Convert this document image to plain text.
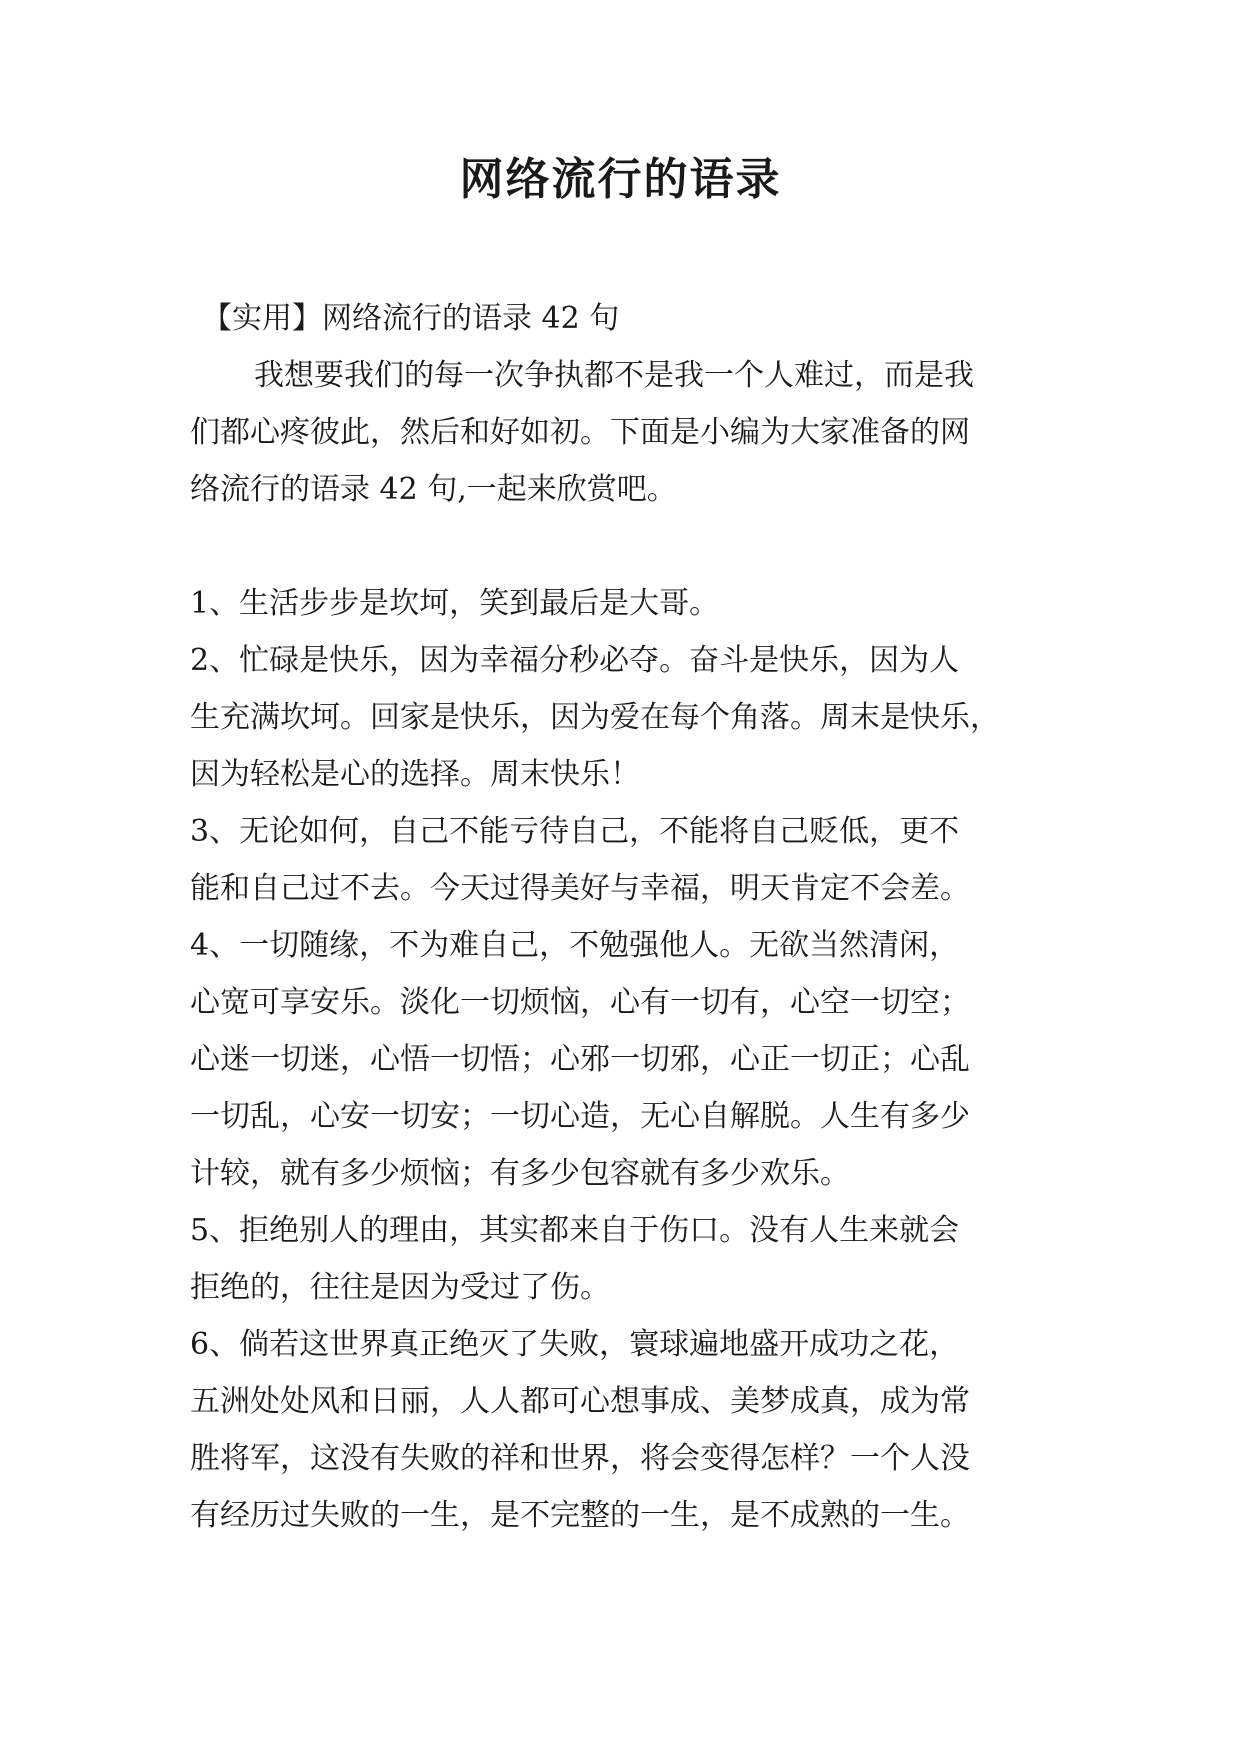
网络流行的语录
【实用】网络流行的语录 42 句
我想要我们的每一次争执都不是我一个人难过，而是我
们都心疼彼此，然后和好如初。下面是小编为大家准备的网
络流行的语录 42 句,一起来欣赏吧。
1、生活步步是坎坷，笑到最后是大哥。
2、忙碌是快乐，因为幸福分秒必夺。奋斗是快乐，因为人
生充满坎坷。回家是快乐，因为爱在每个角落。周末是快乐，
因为轻松是心的选择。周末快乐！
3、无论如何，自己不能亏待自己，不能将自己贬低，更不
能和自己过不去。今天过得美好与幸福，明天肯定不会差。
4、一切随缘，不为难自己，不勉强他人。无欲当然清闲，
心宽可享安乐。淡化一切烦恼，心有一切有，心空一切空；
心迷一切迷，心悟一切悟；心邪一切邪，心正一切正；心乱
一切乱，心安一切安；一切心造，无心自解脱。人生有多少
计较，就有多少烦恼；有多少包容就有多少欢乐。
5、拒绝别人的理由，其实都来自于伤口。没有人生来就会
拒绝的，往往是因为受过了伤。
6、倘若这世界真正绝灭了失败，寰球遍地盛开成功之花，
五洲处处风和日丽，人人都可心想事成、美梦成真，成为常
胜将军，这没有失败的祥和世界，将会变得怎样？一个人没
有经历过失败的一生，是不完整的一生，是不成熟的一生。
